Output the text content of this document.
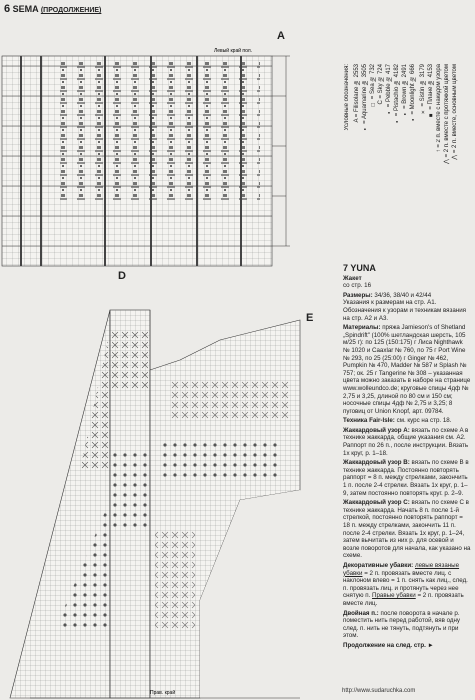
6 SEMA (ПРОДОЛЖЕНИЕ)
A
D
E
Левый край пол.
Прав. край
Условные обозначения: A = Filisolane № 2553 ▪ = Aquamarine № 3505 □ = Sea № 732 C = Sky № 724 ▪ = Pebble № 417 ▪ = Pistachio № 4182 ▪ = Brown № 2491 ▪ = Moonlight № 666 × = Sistin № 3179 ■ = Плане № 4153 ↑ = 2 п. вместе с накидом узора ⋀ = 2 п. вместе с протяжкой цветом ⋀ = 2 п. вместе, основным цветом
7 YUNA

Жакет
со стр. 16

Размеры: 34/36, 38/40 и 42/44
Указания к размерам на стр. A1. Обозначения к узорам и техникам вязания на стр. A2 и A3.

Материалы: пряжа Jamieson's of Shetland „Spindrift" (100% шетландская шерсть, 105 м/25 г): по 125 (150:175) г Лиса Nighthawk № 1020 и Caaxlar № 760, по 75 г Port Wine № 293, по 25 (25:00) г Ginger № 462, Pumpkin № 470, Madder № 587 и Splash № 757; ок. 25 г Tangerine № 308 – указанная цвета можно заказать в наборе на странице www.wolleundco.de; круговые спицы 4дф № 2,75 и 3,25, длиной по 80 см и 150 см; носочные спицы 4дф № 2,75 и 3,25; 8 пуговиц от Union Knopf, арт. 09784.

Техника Fair-Isle: см. курс на стр. 18.

Жаккардовый узор A: вязать по схеме A в технике жаккарда, общие указания см. A2. Раппорт по 26 п., после инструкции. Вязать 1х круг, р. 1–18.

Жаккардовый узор B: вязать по схеме B в технике жаккарда. Постоянно повторять раппорт = 8 п. между стрелками, закончить 1 п. после 2-4 стрелки. Вязать 1х круг, р. 1–9, затем постоянно повторять круг. р. 2–9.

Жаккардовый узор C: вязать по схеме C в технике жаккарда. Начать 8 п. после 1-й стрелкой, постоянно повторять раппорт = 18 п. между стрелками, закончить 11 п. после 2-4 стрелки. Вязать 1х круг, р. 1–24, затем вычитать из них р. для осевой и возле поворотов для начала, как указано на схеме.

Декоративные убавки: левые вязаные убавки = 2 п. провязать вместе лиц. с наклоном влево = 1 п. снять как лиц., след. п. провязать лиц. и протянуть через нее снятую п. Правые убавки = 2 п. провязать вместе лиц.

Двойная п.: после поворота в начале р. поместить нить перед работой, вяв одну след. п. нить не тянуть, подтянуть и при этом.

Продолжение на след. стр. ►

http://www.sudaruchka.com
